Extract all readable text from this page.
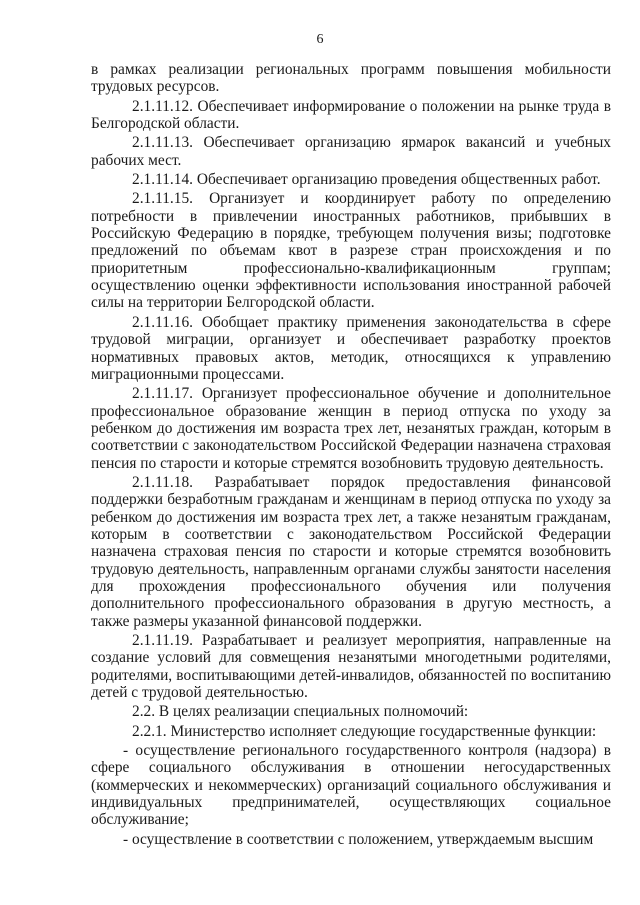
6

в рамках реализации региональных программ повышения мобильности трудовых ресурсов.

2.1.11.12. Обеспечивает информирование о положении на рынке труда в Белгородской области.

2.1.11.13. Обеспечивает организацию ярмарок вакансий и учебных рабочих мест.

2.1.11.14. Обеспечивает организацию проведения общественных работ.

2.1.11.15. Организует и координирует работу по определению потребности в привлечении иностранных работников, прибывших в Российскую Федерацию в порядке, требующем получения визы; подготовке предложений по объемам квот в разрезе стран происхождения и по приоритетным профессионально-квалификационным группам; осуществлению оценки эффективности использования иностранной рабочей силы на территории Белгородской области.

2.1.11.16. Обобщает практику применения законодательства в сфере трудовой миграции, организует и обеспечивает разработку проектов нормативных правовых актов, методик, относящихся к управлению миграционными процессами.

2.1.11.17. Организует профессиональное обучение и дополнительное профессиональное образование женщин в период отпуска по уходу за ребенком до достижения им возраста трех лет, незанятых граждан, которым в соответствии с законодательством Российской Федерации назначена страховая пенсия по старости и которые стремятся возобновить трудовую деятельность.

2.1.11.18. Разрабатывает порядок предоставления финансовой поддержки безработным гражданам и женщинам в период отпуска по уходу за ребенком до достижения им возраста трех лет, а также незанятым гражданам, которым в соответствии с законодательством Российской Федерации назначена страховая пенсия по старости и которые стремятся возобновить трудовую деятельность, направленным органами службы занятости населения для прохождения профессионального обучения или получения дополнительного профессионального образования в другую местность, а также размеры указанной финансовой поддержки.

2.1.11.19. Разрабатывает и реализует мероприятия, направленные на создание условий для совмещения незанятыми многодетными родителями, родителями, воспитывающими детей-инвалидов, обязанностей по воспитанию детей с трудовой деятельностью.

2.2. В целях реализации специальных полномочий:

2.2.1. Министерство исполняет следующие государственные функции:

- осуществление регионального государственного контроля (надзора) в сфере социального обслуживания в отношении негосударственных (коммерческих и некоммерческих) организаций социального обслуживания и индивидуальных предпринимателей, осуществляющих социальное обслуживание;

- осуществление в соответствии с положением, утверждаемым высшим
